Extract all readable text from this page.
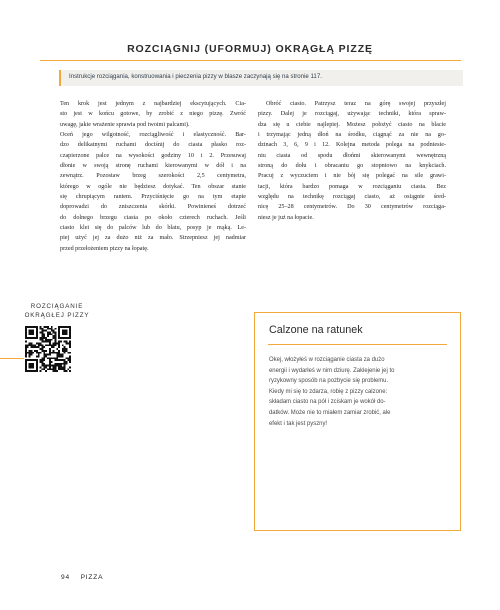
ROZCIĄGNIJ (UFORMUJ) OKRĄGŁĄ PIZZĘ
Instrukcje rozciągania, konstruowania i pieczenia pizzy w blasze zaczynają się na stronie 117.
Ten krok jest jednym z najbardziej ekscytujących. Cia-
sto jest w końcu gotowe, by zrobić z niego pizzę. Zwróć
uwagę, jakie wrażenie sprawia pod twoimi palcami).
Oceń jego wilgotność, rozciągliwość i elastyczność. Bar-
dzo delikatnymi ruchami dociśnij do ciasta płasko roz-
czapierzone palce na wysokości godziny 10 i 2. Przesuwaj
dłonie w swoją stronę ruchami kierowanymi w dół i na
zewnątrz. Pozostaw brzeg szerokości 2,5 centymetra,
którego w ogóle nie będziesz dotykać. Ten obszar stanie
się chrupiącym rantem. Przyciśnięcie go na tym etapie
doprowadzi do zniszczenia skórki. Powinieneś dotrzeć
do dolnego brzegu ciasta po około czterech ruchach. Jeśli
ciasto klei się do palców lub do blatu, posyp je mąką. Le-
piej użyć jej za dużo niż za mało. Strzepniesz jej nadmiar
przed przełożeniem pizzy na łopatę.
Obróć ciasto. Patrzysz teraz na górę swojej przyszłej
pizzy. Dalej je rozciągaj, używając techniki, która spraw-
dza się u ciebie najlepiej. Możesz położyć ciasto na blacie
i trzymając jedną dłoń na środku, ciągnąć za nie na go-
dzinach 3, 6, 9 i 12. Kolejna metoda polega na podniesie-
niu ciasta od spodu dłońmi skierowanymi wewnętrzną
stroną do dołu i obracaniu go stopniowo na knykciach.
Pracuj z wyczuciem i nie bój się polegać na sile grawi-
tacji, która bardzo pomaga w rozciąganiu ciasta. Bez
względu na technikę rozciągaj ciasto, aż osiągnie śred-
nicę 25–28 centymetrów. Do 30 centymetrów rozciąga-
niesz je już na łopacie.
ROZCIĄGANIE
OKRĄGŁEJ PIZZY
Calzone na ratunek
Okej, włożyłeś w rozciąganie ciasta za dużo
energii i wydarłeś w nim dziurę. Zaklejenie jej to
ryzykowny sposób na pozbycie się problemu.
Kiedy mi się to zdarza, robię z pizzy calzone:
składam ciasto na pół i zciskam je wokół do-
datków. Może nie to miałem zamiar zrobić, ale
efekt i tak jest pyszny!
94 PIZZA
